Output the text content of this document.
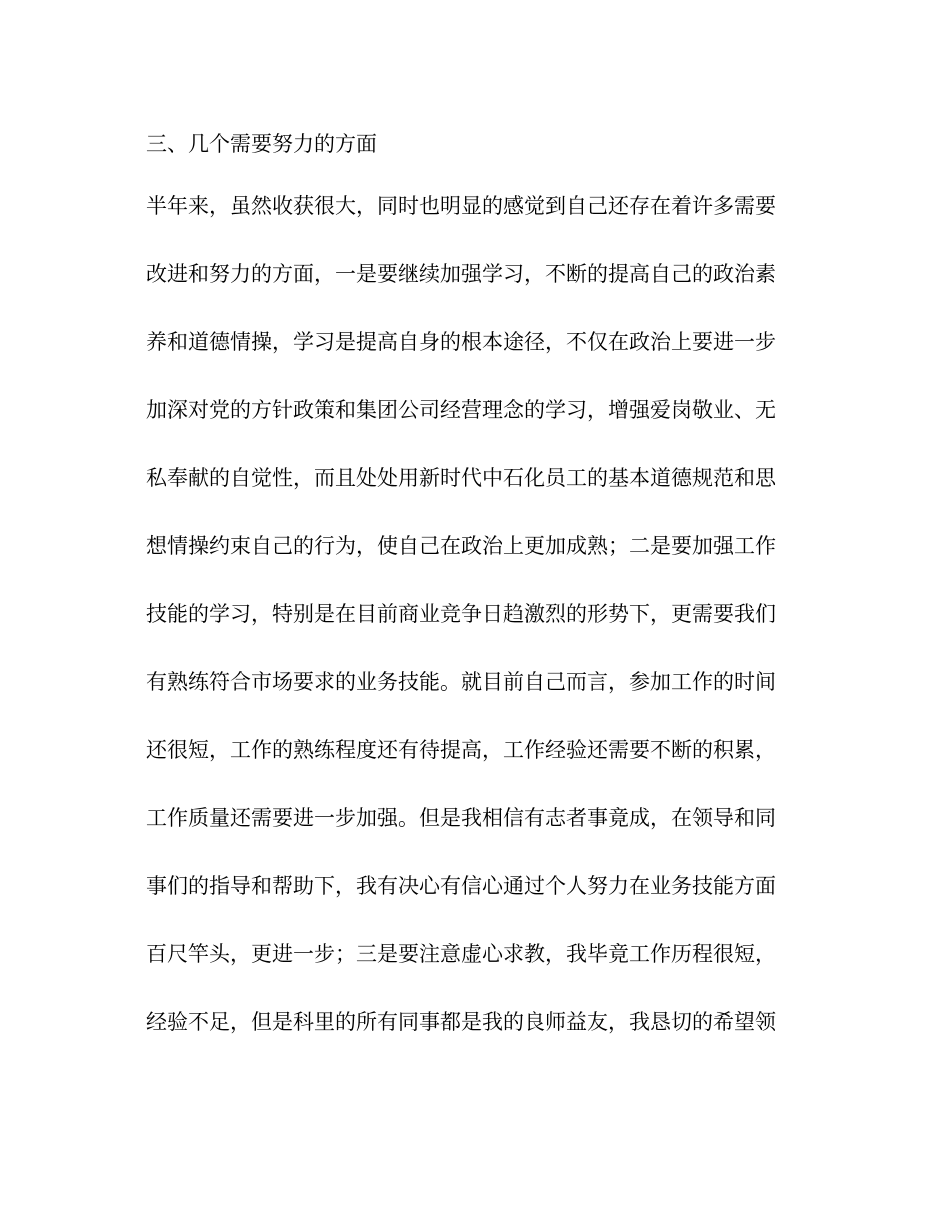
三、几个需要努力的方面
半年来，虽然收获很大，同时也明显的感觉到自己还存在着许多需要
改进和努力的方面，一是要继续加强学习，不断的提高自己的政治素
养和道德情操，学习是提高自身的根本途径，不仅在政治上要进一步
加深对党的方针政策和集团公司经营理念的学习，增强爱岗敬业、无
私奉献的自觉性，而且处处用新时代中石化员工的基本道德规范和思
想情操约束自己的行为，使自己在政治上更加成熟；二是要加强工作
技能的学习，特别是在目前商业竞争日趋激烈的形势下，更需要我们
有熟练符合市场要求的业务技能。就目前自己而言，参加工作的时间
还很短，工作的熟练程度还有待提高，工作经验还需要不断的积累，
工作质量还需要进一步加强。但是我相信有志者事竟成，在领导和同
事们的指导和帮助下，我有决心有信心通过个人努力在业务技能方面
百尺竿头，更进一步；三是要注意虚心求教，我毕竟工作历程很短，
经验不足，但是科里的所有同事都是我的良师益友，我恳切的希望领
